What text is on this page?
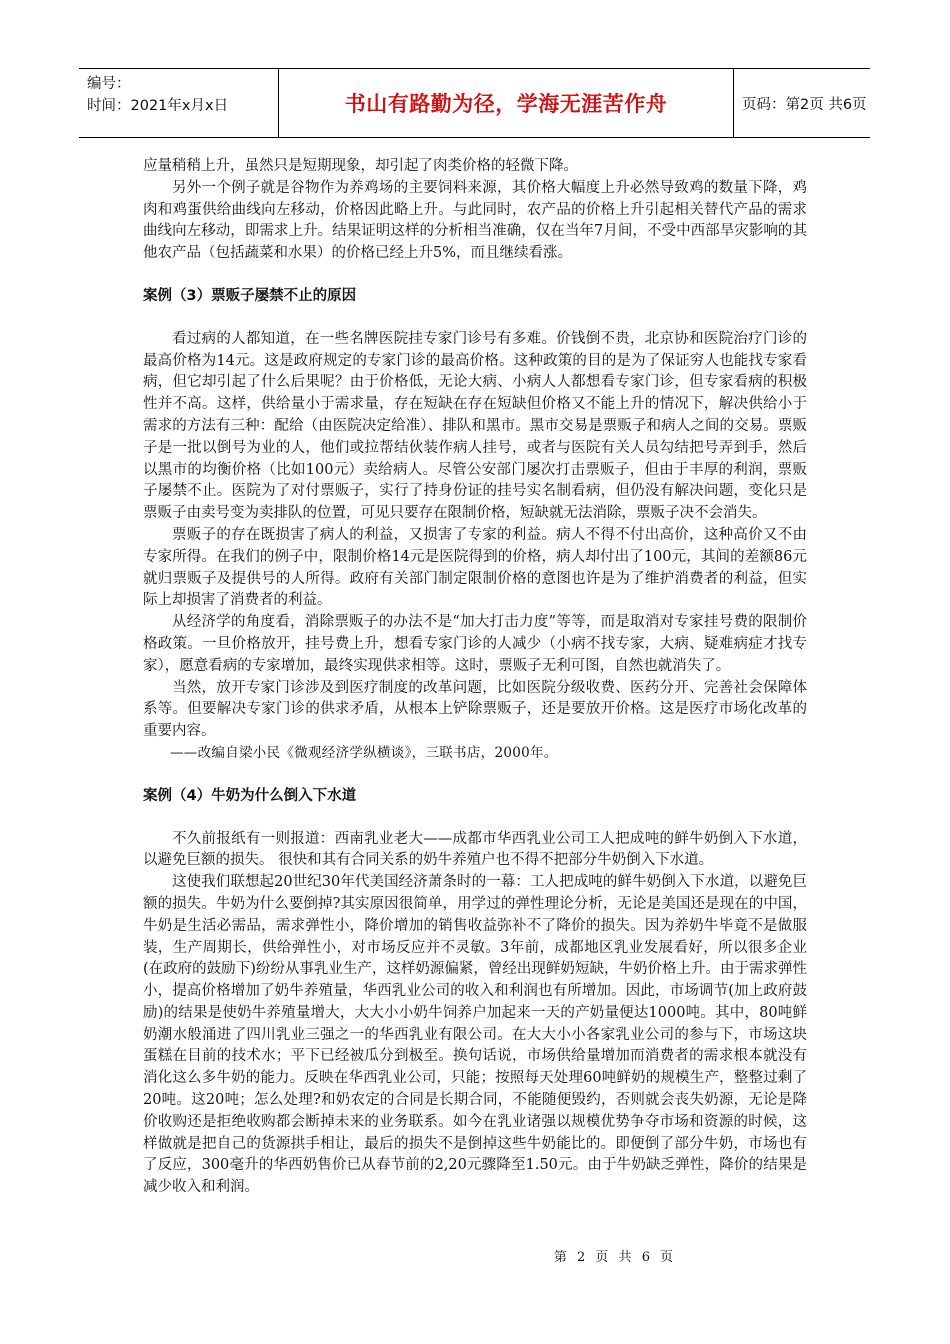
编号：
时间：2021年x月x日	书山有路勤为径，学海无涯苦作舟	页码：第2页 共6页

应量稍稍上升，虽然只是短期现象，却引起了肉类价格的轻微下降。

另外一个例子就是谷物作为养鸡场的主要饲料来源，其价格大幅度上升必然导致鸡的数量下降，鸡肉和鸡蛋供给曲线向左移动，价格因此略上升。与此同时，农产品的价格上升引起相关替代产品的需求曲线向左移动，即需求上升。结果证明这样的分析相当准确，仅在当年7月间，不受中西部旱灾影响的其他农产品（包括蔬菜和水果）的价格已经上升5%，而且继续看涨。

案例（3）票贩子屡禁不止的原因

看过病的人都知道，在一些名牌医院挂专家门诊号有多难。价钱倒不贵，北京协和医院治疗门诊的最高价格为14元。这是政府规定的专家门诊的最高价格。这种政策的目的是为了保证穷人也能找专家看病，但它却引起了什么后果呢？由于价格低，无论大病、小病人人都想看专家门诊，但专家看病的积极性并不高。这样，供给量小于需求量，存在短缺在存在短缺但价格又不能上升的情况下，解决供给小于需求的方法有三种：配给（由医院决定给准）、排队和黑市。黑市交易是票贩子和病人之间的交易。票贩子是一批以倒号为业的人，他们或拉帮结伙装作病人挂号，或者与医院有关人员勾结把号弄到手，然后以黑市的均衡价格（比如100元）卖给病人。尽管公安部门屡次打击票贩子，但由于丰厚的利润，票贩子屡禁不止。医院为了对付票贩子，实行了持身份证的挂号实名制看病，但仍没有解决问题，变化只是票贩子由卖号变为卖排队的位置，可见只要存在限制价格，短缺就无法消除，票贩子决不会消失。

票贩子的存在既损害了病人的利益，又损害了专家的利益。病人不得不付出高价，这种高价又不由专家所得。在我们的例子中，限制价格14元是医院得到的价格，病人却付出了100元，其间的差额86元就归票贩子及提供号的人所得。政府有关部门制定限制价格的意图也许是为了维护消费者的利益，但实际上却损害了消费者的利益。

从经济学的角度看，消除票贩子的办法不是“加大打击力度”等等，而是取消对专家挂号费的限制价格政策。一旦价格放开，挂号费上升，想看专家门诊的人减少（小病不找专家，大病、疑难病症才找专家），愿意看病的专家增加，最终实现供求相等。这时，票贩子无利可图，自然也就消失了。

当然，放开专家门诊涉及到医疗制度的改革问题，比如医院分级收费、医药分开、完善社会保障体系等。但要解决专家门诊的供求矛盾，从根本上铲除票贩子，还是要放开价格。这是医疗市场化改革的重要内容。

——改编自梁小民《微观经济学纵横谈》，三联书店，2000年。

案例（4）牛奶为什么倒入下水道

不久前报纸有一则报道：西南乳业老大——成都市华西乳业公司工人把成吨的鲜牛奶倒入下水道，以避免巨额的损失。 很快和其有合同关系的奶牛养殖户也不得不把部分牛奶倒入下水道。

这使我们联想起20世纪30年代美国经济萧条时的一幕：工人把成吨的鲜牛奶倒入下水道，以避免巨额的损失。牛奶为什么要倒掉?其实原因很简单，用学过的弹性理论分析，无论是美国还是现在的中国，牛奶是生活必需品，需求弹性小，降价增加的销售收益弥补不了降价的损失。因为养奶牛毕竟不是做服装，生产周期长，供给弹性小，对市场反应并不灵敏。3年前，成都地区乳业发展看好，所以很多企业(在政府的鼓励下)纷纷从事乳业生产，这样奶源偏紧，曾经出现鲜奶短缺，牛奶价格上升。由于需求弹性小，提高价格增加了奶牛养殖量，华西乳业公司的收入和利润也有所增加。因此，市场调节(加上政府鼓励)的结果是使奶牛养殖量增大，大大小小奶牛饲养户加起来一天的产奶量便达1000吨。其中，80吨鲜奶潮水般涌进了四川乳业三强之一的华西乳业有限公司。在大大小小各家乳业公司的参与下，市场这块蛋糕在目前的技术水；平下已经被瓜分到极至。换句话说，市场供给量增加而消费者的需求根本就没有消化这么多牛奶的能力。反映在华西乳业公司，只能；按照每天处理60吨鲜奶的规模生产，整整过剩了20吨。这20吨；怎么处理?和奶农定的合同是长期合同，不能随便毁约，否则就会丧失奶源，无论是降价收购还是拒绝收购都会断掉未来的业务联系。如今在乳业诸强以规模优势争夺市场和资源的时候，这样做就是把自己的货源拱手相让，最后的损失不是倒掉这些牛奶能比的。即便倒了部分牛奶，市场也有了反应，300毫升的华西奶售价已从春节前的2,20元骤降至1.50元。由于牛奶缺乏弹性，降价的结果是减少收入和利润。

第 2 页 共 6 页
